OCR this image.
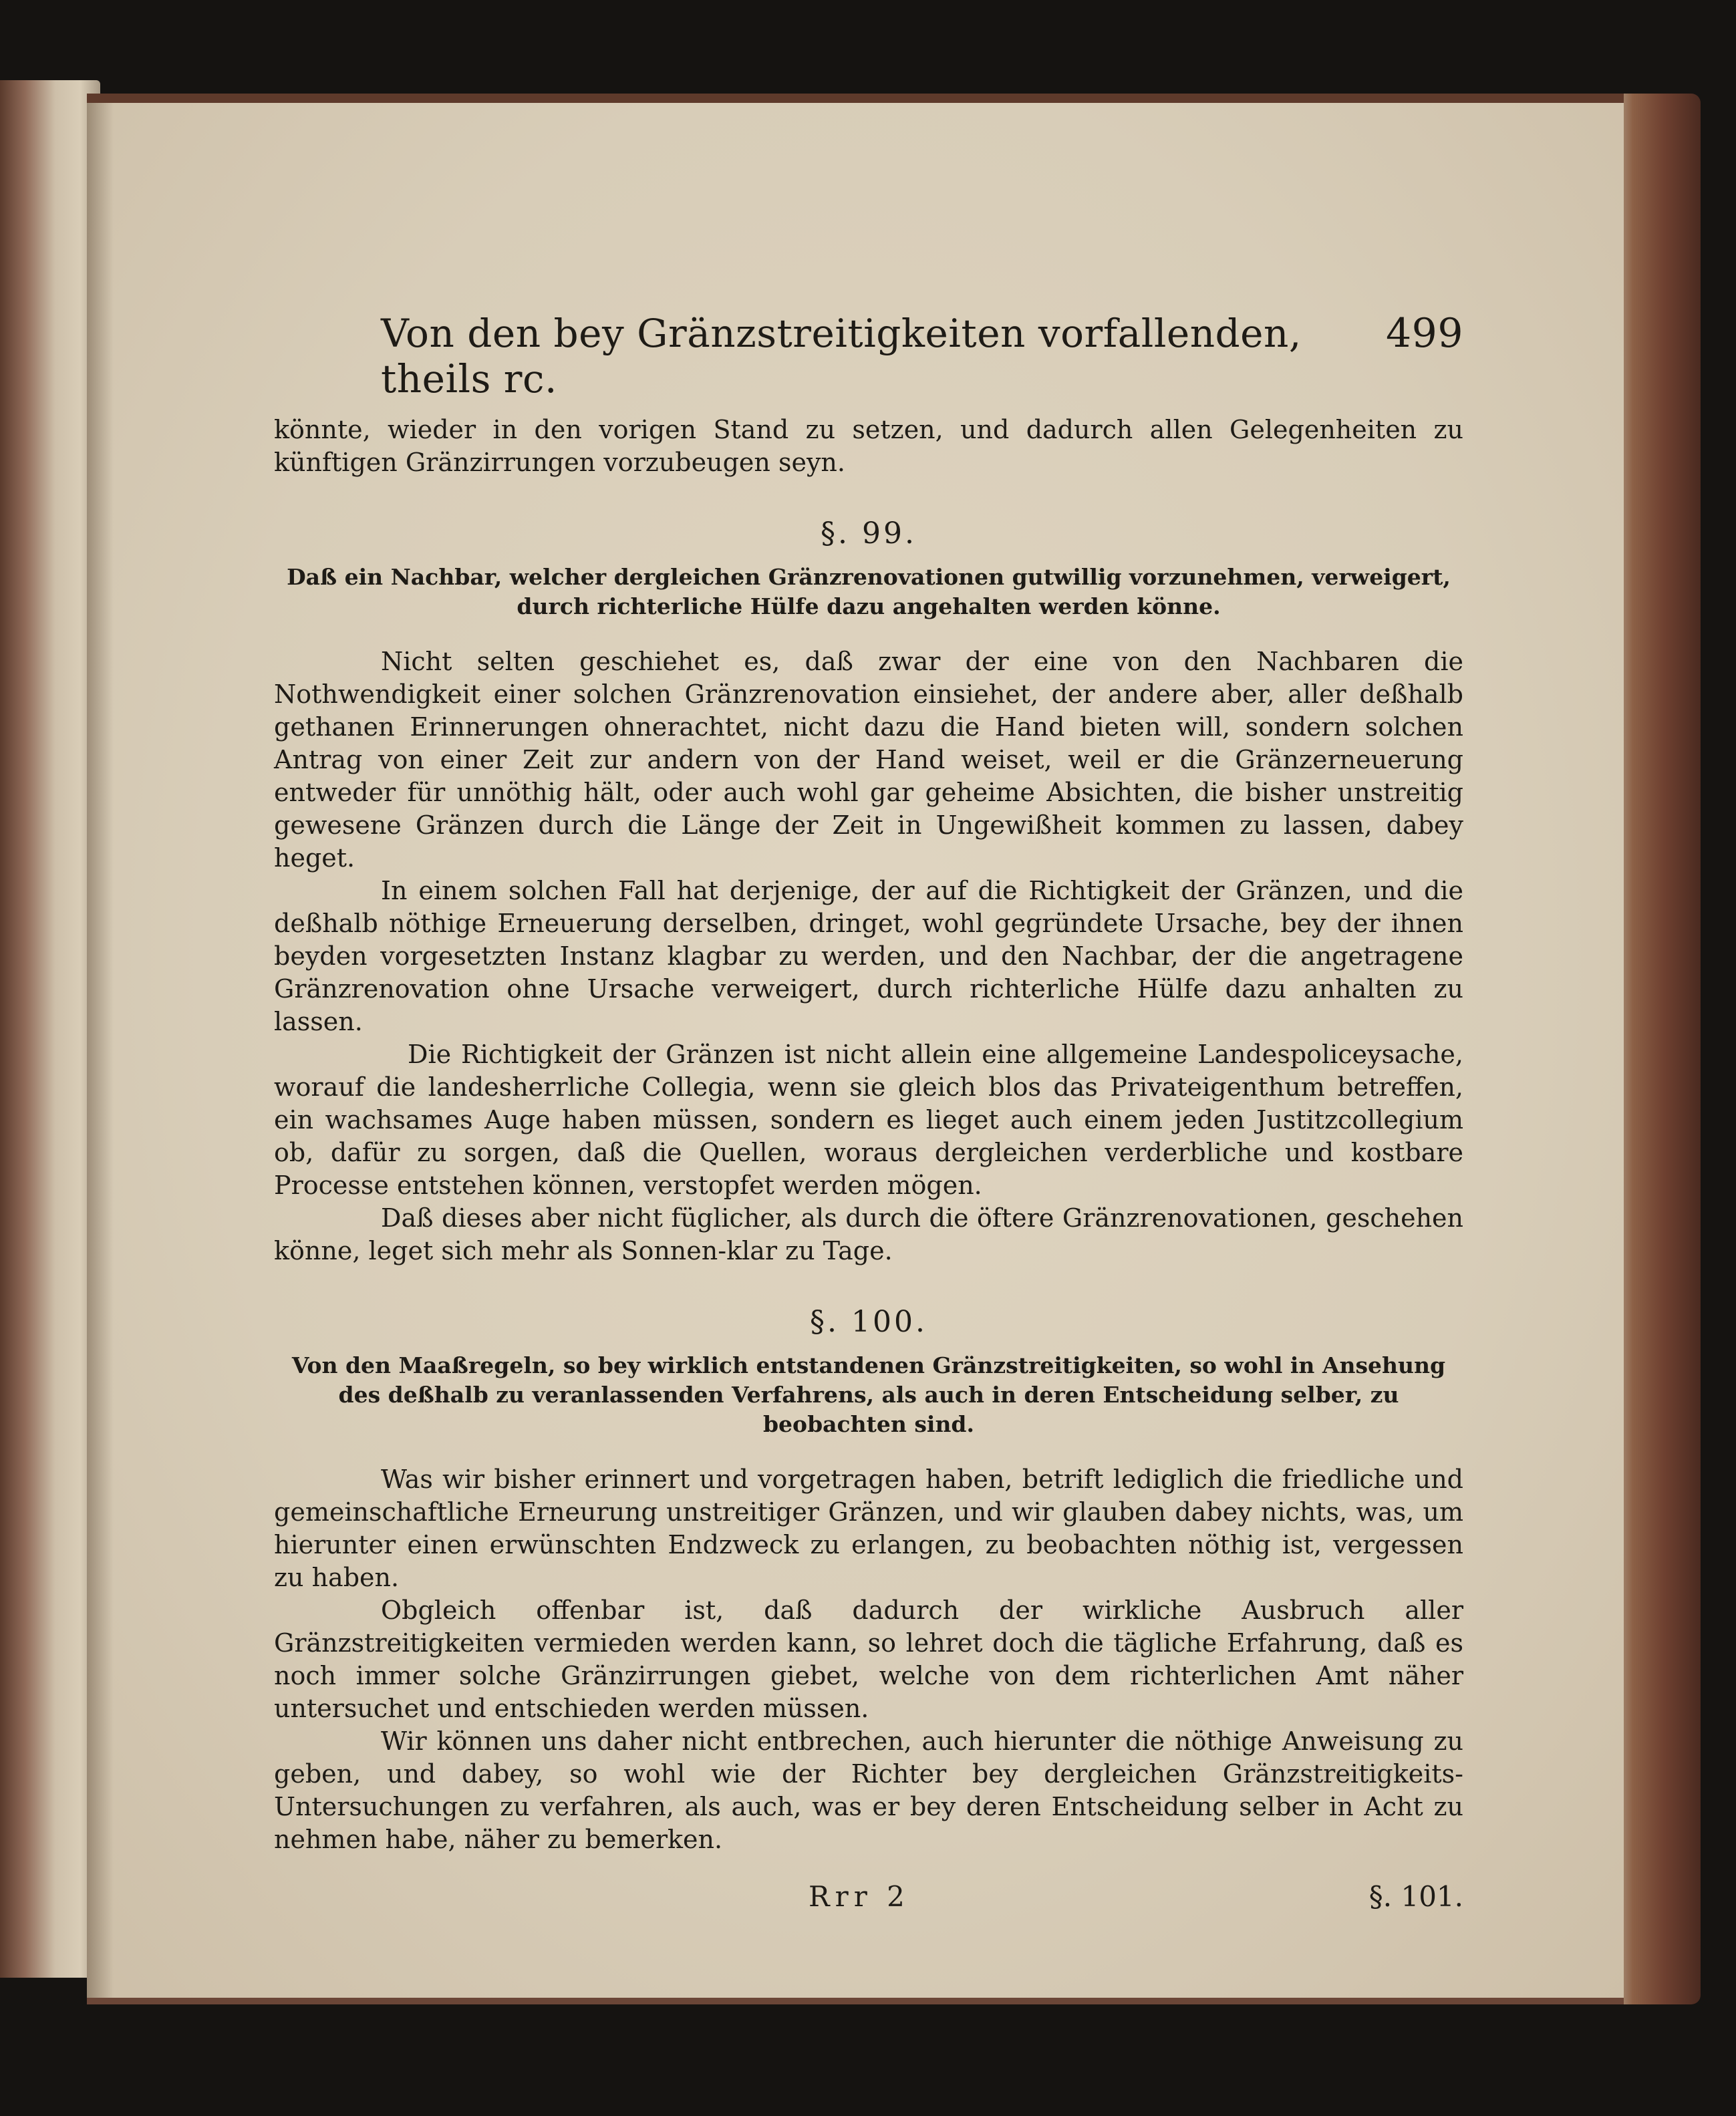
Von den bey Gränzstreitigkeiten vorfallenden, theils rc.
499

könnte, wieder in den vorigen Stand zu setzen, und dadurch allen Gelegenheiten zu künftigen Gränzirrungen vorzubeugen seyn.

§. 99.
Daß ein Nachbar, welcher dergleichen Gränzrenovationen gutwillig vorzunehmen, verweigert, durch richterliche Hülfe dazu angehalten werden könne.

Nicht selten geschiehet es, daß zwar der eine von den Nachbaren die Nothwendigkeit einer solchen Gränzrenovation einsiehet, der andere aber, aller deßhalb gethanen Erinnerungen ohnerachtet, nicht dazu die Hand bieten will, sondern solchen Antrag von einer Zeit zur andern von der Hand weiset, weil er die Gränzerneuerung entweder für unnöthig hält, oder auch wohl gar geheime Absichten, die bisher unstreitig gewesene Gränzen durch die Länge der Zeit in Ungewißheit kommen zu lassen, dabey heget.

In einem solchen Fall hat derjenige, der auf die Richtigkeit der Gränzen, und die deßhalb nöthige Erneuerung derselben, dringet, wohl gegründete Ursache, bey der ihnen beyden vorgesetzten Instanz klagbar zu werden, und den Nachbar, der die angetragene Gränzrenovation ohne Ursache verweigert, durch richterliche Hülfe dazu anhalten zu lassen.

Die Richtigkeit der Gränzen ist nicht allein eine allgemeine Landespoliceysache, worauf die landesherrliche Collegia, wenn sie gleich blos das Privateigenthum betreffen, ein wachsames Auge haben müssen, sondern es lieget auch einem jeden Justitzcollegium ob, dafür zu sorgen, daß die Quellen, woraus dergleichen verderbliche und kostbare Processe entstehen können, verstopfet werden mögen.

Daß dieses aber nicht füglicher, als durch die öftere Gränzrenovationen, geschehen könne, leget sich mehr als Sonnen-klar zu Tage.

§. 100.
Von den Maaßregeln, so bey wirklich entstandenen Gränzstreitigkeiten, so wohl in Ansehung des deßhalb zu veranlassenden Verfahrens, als auch in deren Entscheidung selber, zu beobachten sind.

Was wir bisher erinnert und vorgetragen haben, betrift lediglich die friedliche und gemeinschaftliche Erneurung unstreitiger Gränzen, und wir glauben dabey nichts, was, um hierunter einen erwünschten Endzweck zu erlangen, zu beobachten nöthig ist, vergessen zu haben.

Obgleich offenbar ist, daß dadurch der wirkliche Ausbruch aller Gränzstreitigkeiten vermieden werden kann, so lehret doch die tägliche Erfahrung, daß es noch immer solche Gränzirrungen giebet, welche von dem richterlichen Amt näher untersuchet und entschieden werden müssen.

Wir können uns daher nicht entbrechen, auch hierunter die nöthige Anweisung zu geben, und dabey, so wohl wie der Richter bey dergleichen Gränzstreitigkeits-Untersuchungen zu verfahren, als auch, was er bey deren Entscheidung selber in Acht zu nehmen habe, näher zu bemerken.

Rrr 2	§. 101.
